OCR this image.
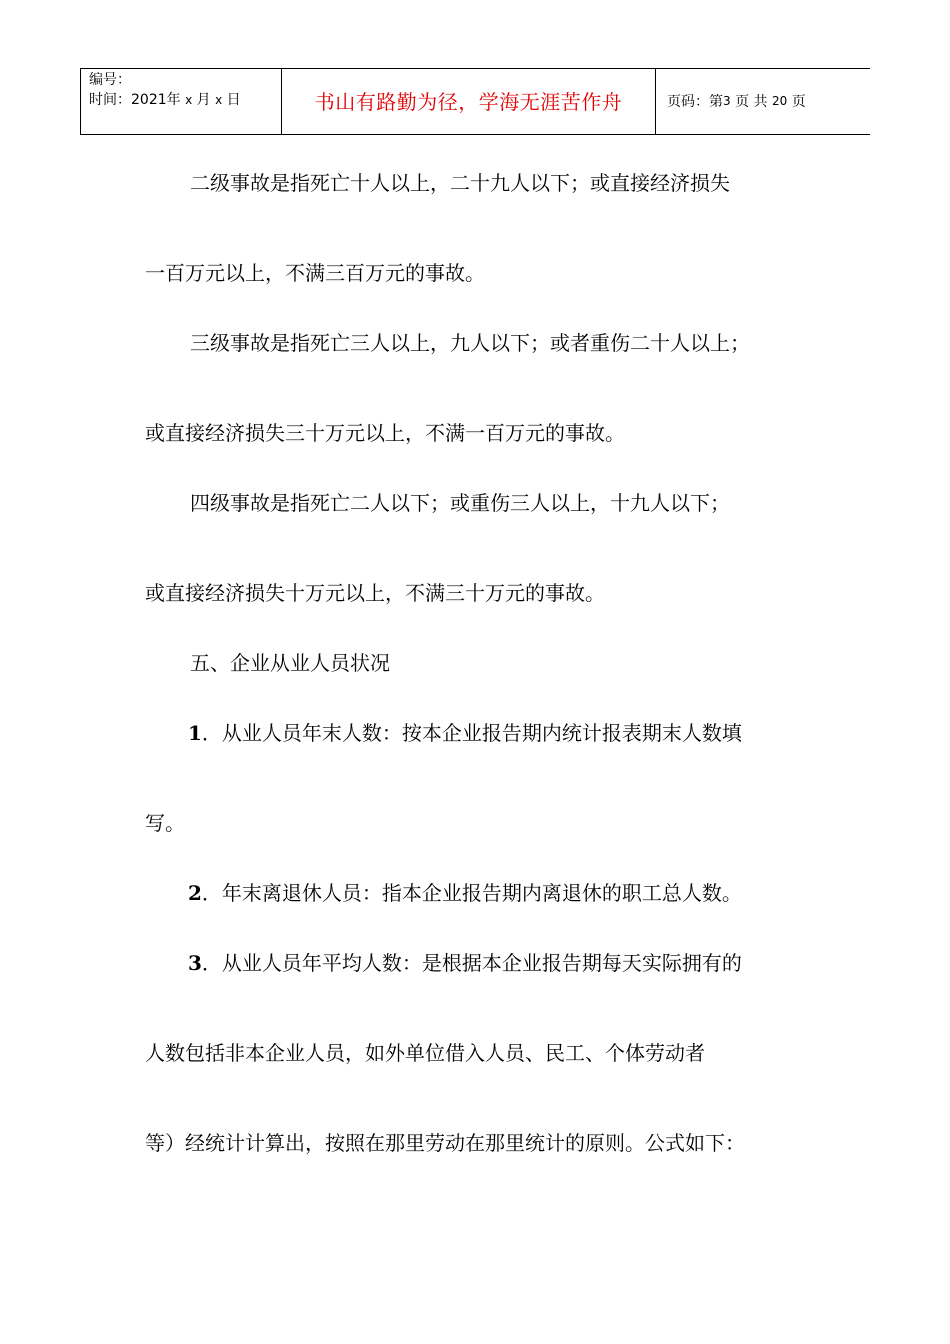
编号：
时间：2021年 x 月 x 日	书山有路勤为径，学海无涯苦作舟	页码：第 3
页 共
20
页
二级事故是指死亡十人以上，二十九人以下；或直接经济损失
一百万元以上，不满三百万元的事故。
三级事故是指死亡三人以上，九人以下；或者重伤二十人以上；
或直接经济损失三十万元以上，不满一百万元的事故。
四级事故是指死亡二人以下；或重伤三人以上，十九人以下；
或直接经济损失十万元以上，不满三十万元的事故。
五、企业从业人员状况
1．从业人员年末人数：按本企业报告期内统计报表期末人数填
写。
2．年末离退休人员：指本企业报告期内离退休的职工总人数。
3．从业人员年平均人数：是根据本企业报告期每天实际拥有的
人数包括非本企业人员，如外单位借入人员、民工、个体劳动者
等）经统计计算出，按照在那里劳动在那里统计的原则。公式如下：
